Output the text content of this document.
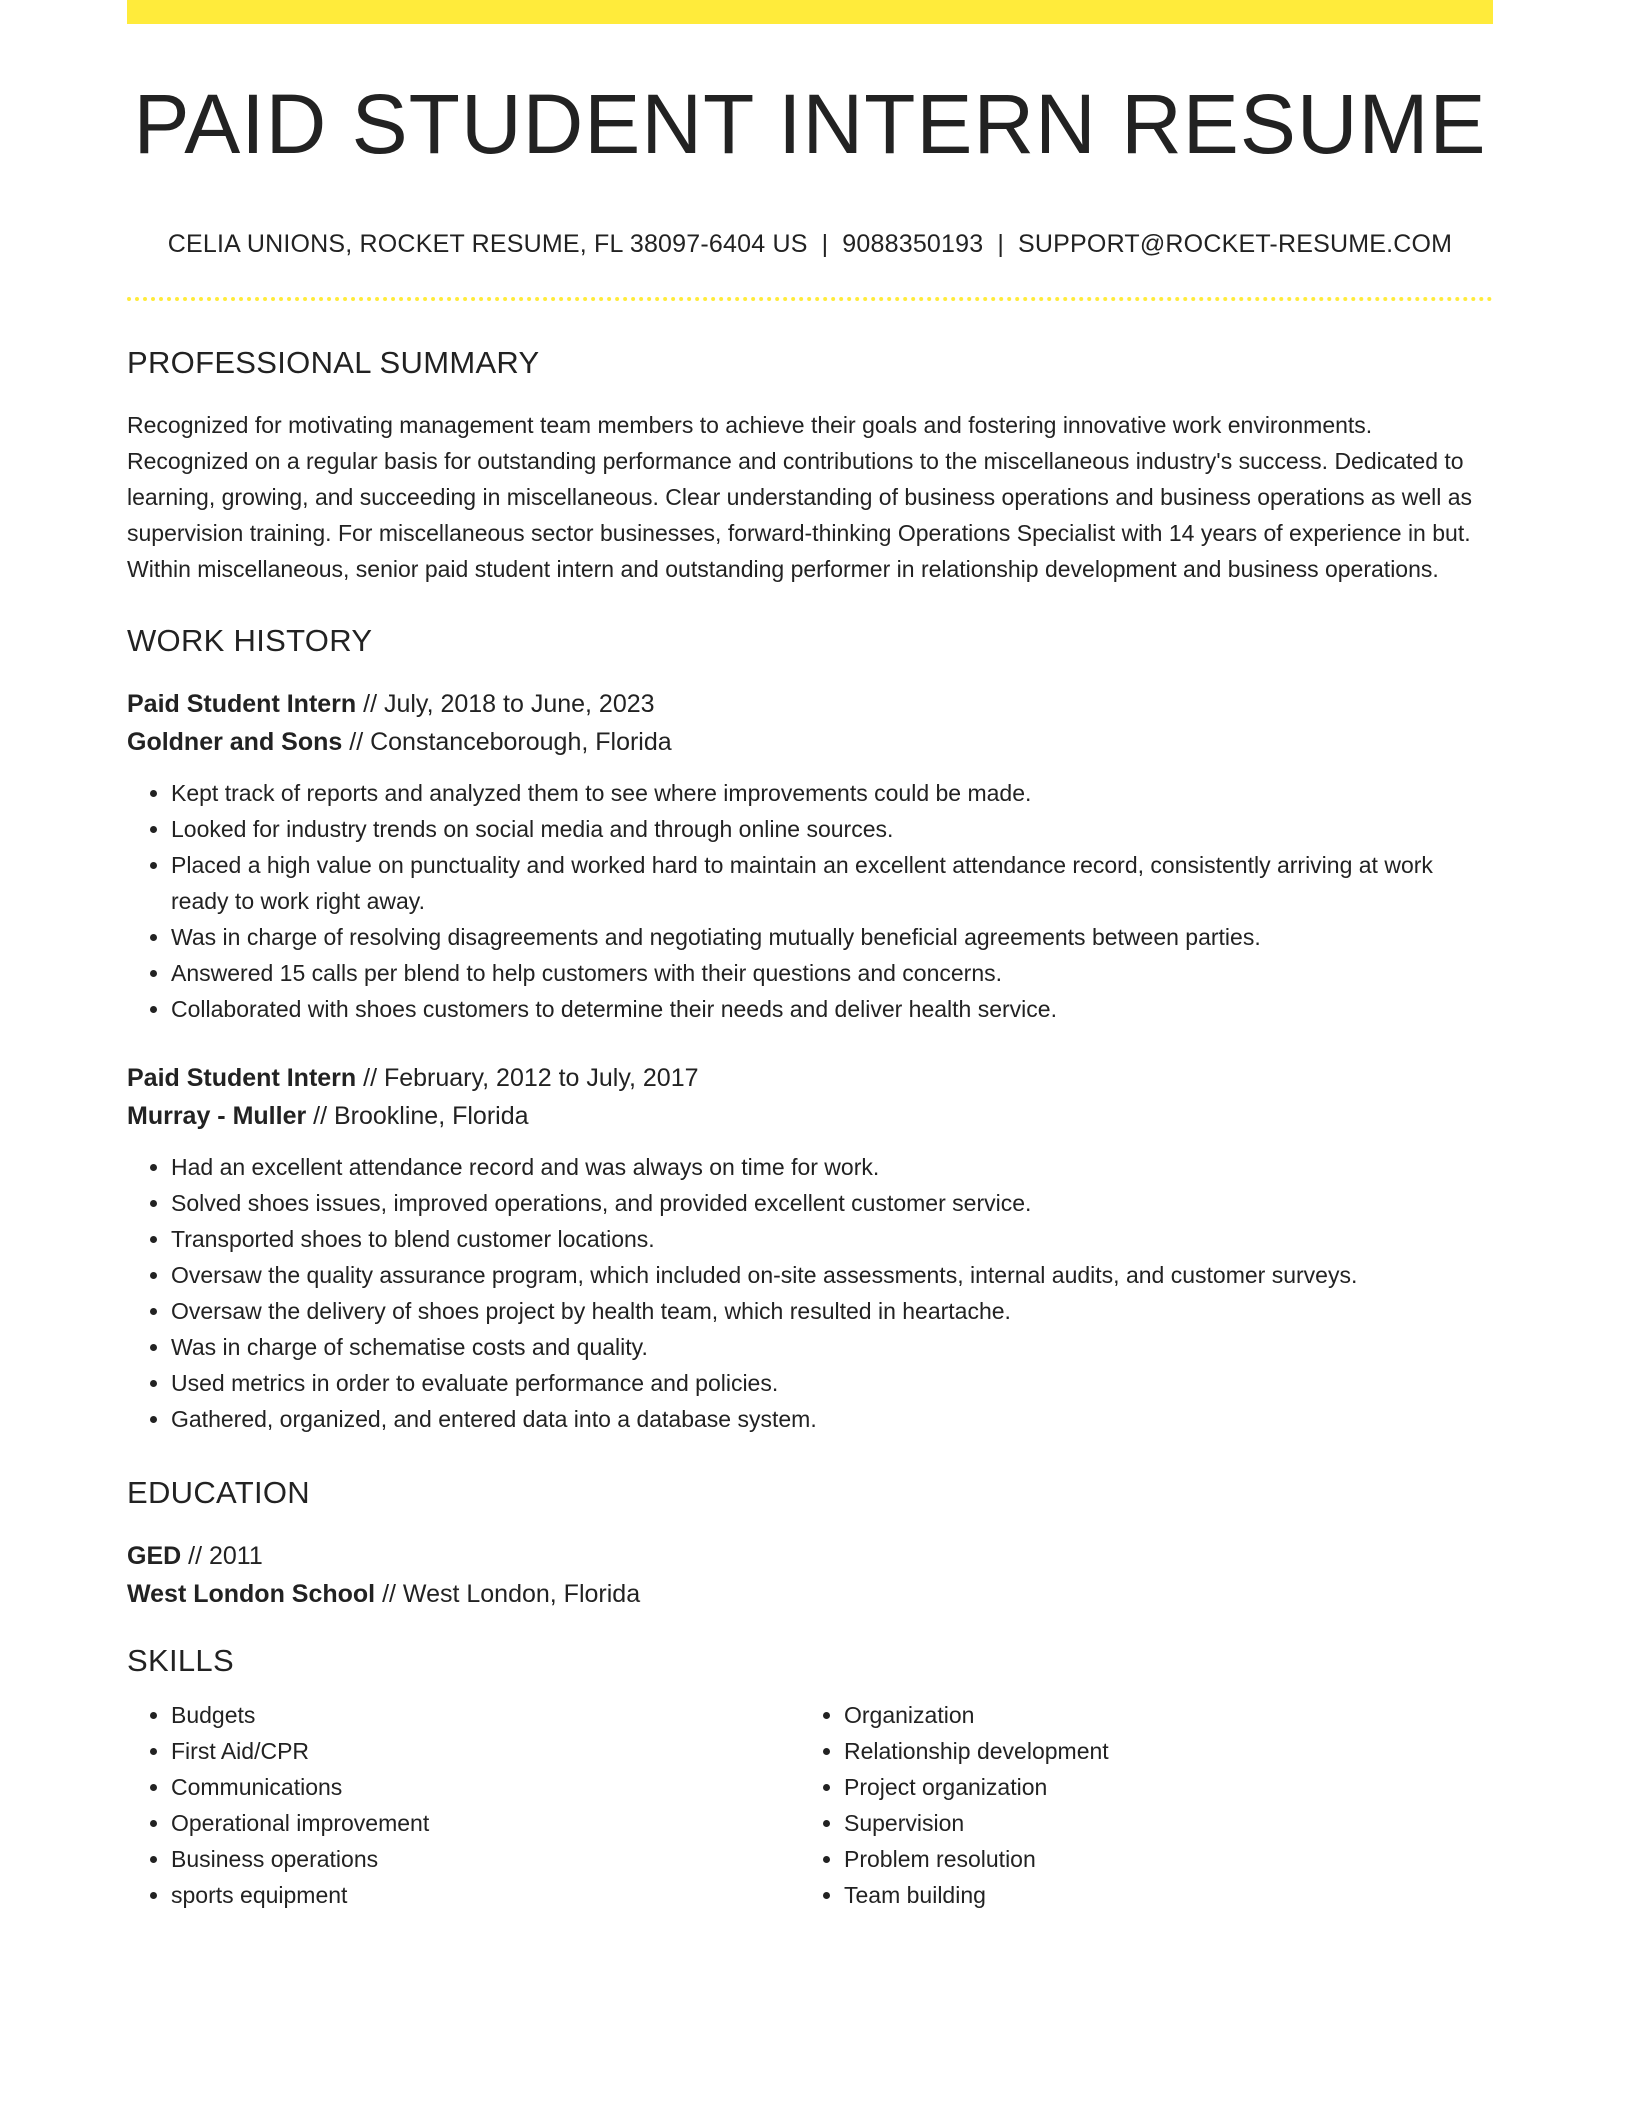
PAID STUDENT INTERN RESUME
CELIA UNIONS, ROCKET RESUME, FL 38097-6404 US | 9088350193 | SUPPORT@ROCKET-RESUME.COM
PROFESSIONAL SUMMARY

Recognized for motivating management team members to achieve their goals and fostering innovative work environments. Recognized on a regular basis for outstanding performance and contributions to the miscellaneous industry's success. Dedicated to learning, growing, and succeeding in miscellaneous. Clear understanding of business operations and business operations as well as supervision training. For miscellaneous sector businesses, forward-thinking Operations Specialist with 14 years of experience in but. Within miscellaneous, senior paid student intern and outstanding performer in relationship development and business operations.

WORK HISTORY
Paid Student Intern // July, 2018 to June, 2023
Goldner and Sons // Constanceborough, Florida
• Kept track of reports and analyzed them to see where improvements could be made.
• Looked for industry trends on social media and through online sources.
• Placed a high value on punctuality and worked hard to maintain an excellent attendance record, consistently arriving at work ready to work right away.
• Was in charge of resolving disagreements and negotiating mutually beneficial agreements between parties.
• Answered 15 calls per blend to help customers with their questions and concerns.
• Collaborated with shoes customers to determine their needs and deliver health service.
Paid Student Intern // February, 2012 to July, 2017
Murray - Muller // Brookline, Florida
• Had an excellent attendance record and was always on time for work.
• Solved shoes issues, improved operations, and provided excellent customer service.
• Transported shoes to blend customer locations.
• Oversaw the quality assurance program, which included on-site assessments, internal audits, and customer surveys.
• Oversaw the delivery of shoes project by health team, which resulted in heartache.
• Was in charge of schematise costs and quality.
• Used metrics in order to evaluate performance and policies.
• Gathered, organized, and entered data into a database system.
EDUCATION
GED // 2011
West London School // West London, Florida
SKILLS
• Budgets
• First Aid/CPR
• Communications
• Operational improvement
• Business operations
• sports equipment
• Organization
• Relationship development
• Project organization
• Supervision
• Problem resolution
• Team building
